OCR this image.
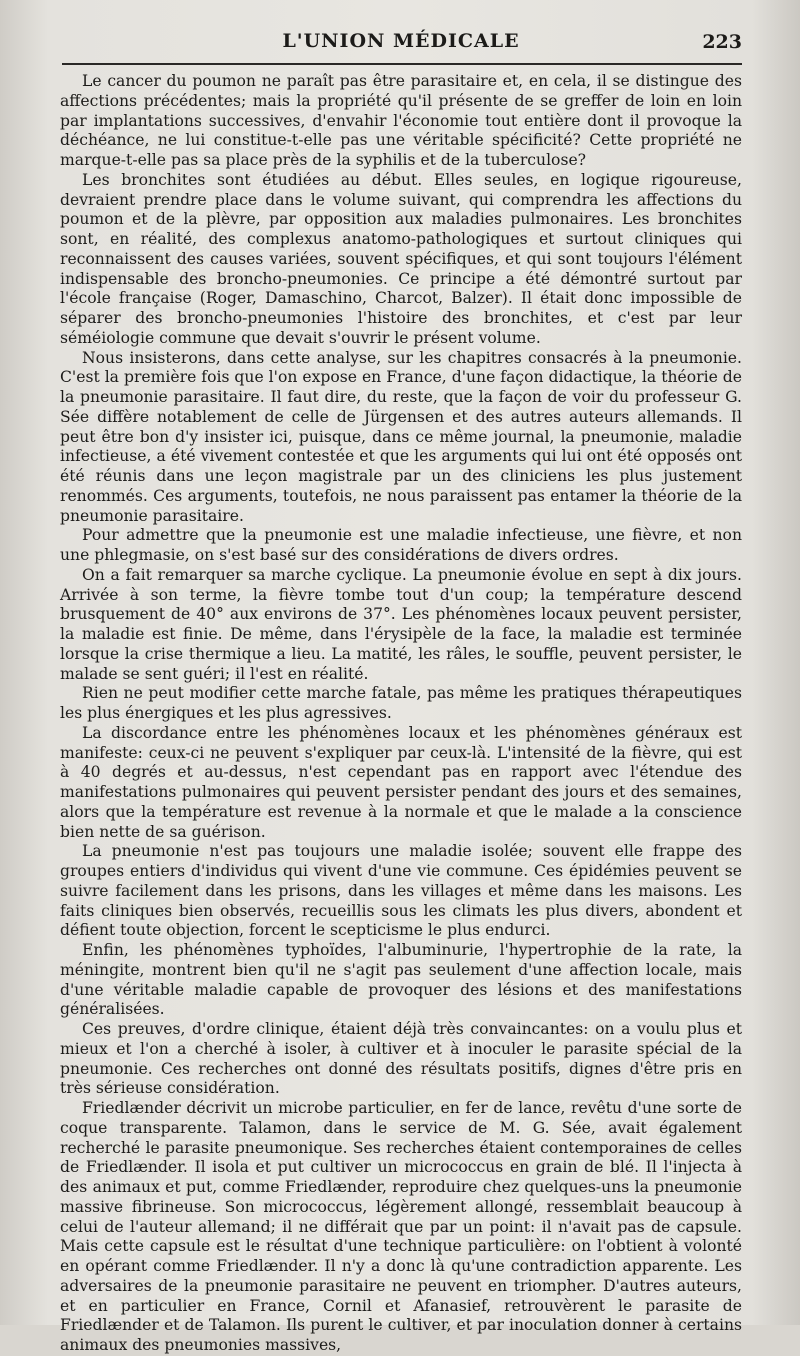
L'UNION MÉDICALE	223

Le cancer du poumon ne paraît pas être parasitaire et, en cela, il se distingue des affections précédentes; mais la propriété qu'il présente de se greffer de loin en loin par implantations successives, d'envahir l'économie tout entière dont il provoque la déchéance, ne lui constitue-t-elle pas une véritable spécificité? Cette propriété ne marque-t-elle pas sa place près de la syphilis et de la tuberculose?

Les bronchites sont étudiées au début. Elles seules, en logique rigoureuse, devraient prendre place dans le volume suivant, qui comprendra les affections du poumon et de la plèvre, par opposition aux maladies pulmonaires. Les bronchites sont, en réalité, des complexus anatomo-pathologiques et surtout cliniques qui reconnaissent des causes variées, souvent spécifiques, et qui sont toujours l'élément indispensable des broncho-pneumonies. Ce principe a été démontré surtout par l'école française (Roger, Damaschino, Charcot, Balzer). Il était donc impossible de séparer des broncho-pneumonies l'histoire des bronchites, et c'est par leur séméiologie commune que devait s'ouvrir le présent volume.

Nous insisterons, dans cette analyse, sur les chapitres consacrés à la pneumonie. C'est la première fois que l'on expose en France, d'une façon didactique, la théorie de la pneumonie parasitaire. Il faut dire, du reste, que la façon de voir du professeur G. Sée diffère notablement de celle de Jürgensen et des autres auteurs allemands. Il peut être bon d'y insister ici, puisque, dans ce même journal, la pneumonie, maladie infectieuse, a été vivement contestée et que les arguments qui lui ont été opposés ont été réunis dans une leçon magistrale par un des cliniciens les plus justement renommés. Ces arguments, toutefois, ne nous paraissent pas entamer la théorie de la pneumonie parasitaire.

Pour admettre que la pneumonie est une maladie infectieuse, une fièvre, et non une phlegmasie, on s'est basé sur des considérations de divers ordres.

On a fait remarquer sa marche cyclique. La pneumonie évolue en sept à dix jours. Arrivée à son terme, la fièvre tombe tout d'un coup; la température descend brusquement de 40° aux environs de 37°. Les phénomènes locaux peuvent persister, la maladie est finie. De même, dans l'érysipèle de la face, la maladie est terminée lorsque la crise thermique a lieu. La matité, les râles, le souffle, peuvent persister, le malade se sent guéri; il l'est en réalité.

Rien ne peut modifier cette marche fatale, pas même les pratiques thérapeutiques les plus énergiques et les plus agressives.

La discordance entre les phénomènes locaux et les phénomènes généraux est manifeste: ceux-ci ne peuvent s'expliquer par ceux-là. L'intensité de la fièvre, qui est à 40 degrés et au-dessus, n'est cependant pas en rapport avec l'étendue des manifestations pulmonaires qui peuvent persister pendant des jours et des semaines, alors que la température est revenue à la normale et que le malade a la conscience bien nette de sa guérison.

La pneumonie n'est pas toujours une maladie isolée; souvent elle frappe des groupes entiers d'individus qui vivent d'une vie commune. Ces épidémies peuvent se suivre facilement dans les prisons, dans les villages et même dans les maisons. Les faits cliniques bien observés, recueillis sous les climats les plus divers, abondent et défient toute objection, forcent le scepticisme le plus endurci.

Enfin, les phénomènes typhoïdes, l'albuminurie, l'hypertrophie de la rate, la méningite, montrent bien qu'il ne s'agit pas seulement d'une affection locale, mais d'une véritable maladie capable de provoquer des lésions et des manifestations généralisées.

Ces preuves, d'ordre clinique, étaient déjà très convaincantes: on a voulu plus et mieux et l'on a cherché à isoler, à cultiver et à inoculer le parasite spécial de la pneumonie. Ces recherches ont donné des résultats positifs, dignes d'être pris en très sérieuse considération.

Friedlænder décrivit un microbe particulier, en fer de lance, revêtu d'une sorte de coque transparente. Talamon, dans le service de M. G. Sée, avait également recherché le parasite pneumonique. Ses recherches étaient contemporaines de celles de Friedlænder. Il isola et put cultiver un micrococcus en grain de blé. Il l'injecta à des animaux et put, comme Friedlænder, reproduire chez quelques-uns la pneumonie massive fibrineuse. Son micrococcus, légèrement allongé, ressemblait beaucoup à celui de l'auteur allemand; il ne différait que par un point: il n'avait pas de capsule. Mais cette capsule est le résultat d'une technique particulière: on l'obtient à volonté en opérant comme Friedlænder. Il n'y a donc là qu'une contradiction apparente. Les adversaires de la pneumonie parasitaire ne peuvent en triompher. D'autres auteurs, et en particulier en France, Cornil et Afanasief, retrouvèrent le parasite de Friedlænder et de Talamon. Ils purent le cultiver, et par inoculation donner à certains animaux des pneumonies massives,
